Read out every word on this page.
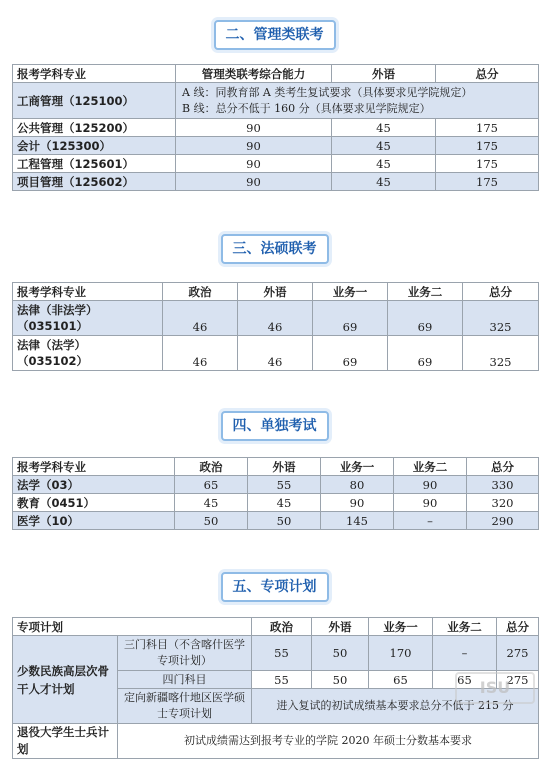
二、管理类联考
报考学科专业	管理类联考综合能力	外语	总分
工商管理（125100）	A 线：同教育部 A 类考生复试要求（具体要求见学院规定）
B 线：总分不低于 160 分（具体要求见学院规定）		

公共管理（125200）	90	45	175
会计（125300）	90	45	175
工程管理（125601）	90	45	175
项目管理（125602）	90	45	175
三、法硕联考
报考学科专业	政治	外语	业务一	业务二	总分

法律（非法学）
（035101）	46	46	69	69	325

法律（法学）
（035102）	46	46	69	69	325
四、单独考试
报考学科专业	政治	外语	业务一	业务二	总分
法学（03）	65	55	80	90	330
教育（0451）	45	45	90	90	320
医学（10）	50	50	145	–	290
五、专项计划
专项计划		政治	外语	业务一	业务二	总分
少数民族高层次骨干人才计划	三门科目（不含喀什医学专项计划）	55	50	170	–	275
	四门科目	55	50	65	65	275
	定向新疆喀什地区医学硕士专项计划	进入复试的初试成绩基本要求总分不低于 215 分				
退役大学生士兵计划	初试成绩需达到报考专业的学院 2020 年硕士分数基本要求					
ISU
